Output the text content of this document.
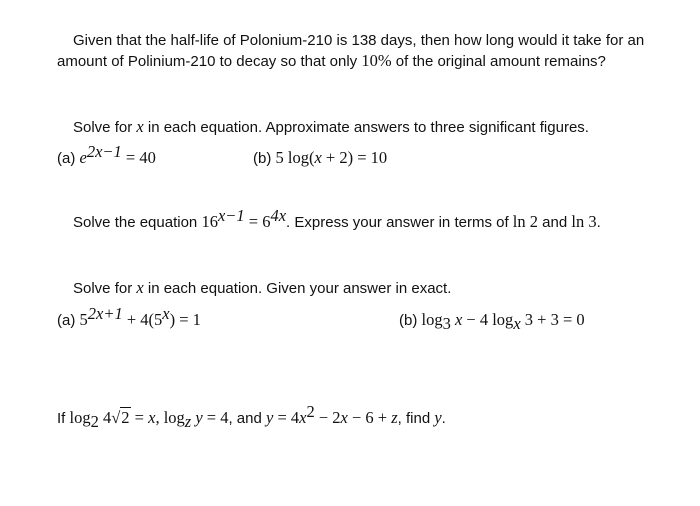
Given that the half-life of Polonium-210 is 138 days, then how long would it take for an
amount of Polinium-210 to decay so that only 10% of the original amount remains?
Solve for x in each equation. Approximate answers to three significant figures.
(a) $e^{2x-1} = 40$	(b) 5 log(x + 2) = 10
Solve the equation $16^{x-1} = 6^{4x}$. Express your answer in terms of ln 2 and ln 3.
Solve for x in each equation. Given your answer in exact.
(a) $5^{2x+1} + 4(5^x) = 1$	(b) $\log_3 x - 4$ $\log_x 3 + 3 = 0$
If $\log_2 4√2 = x$, $\log_z y = 4$, and $y = 4x^2 - 2x - 6 + z$, find y.
